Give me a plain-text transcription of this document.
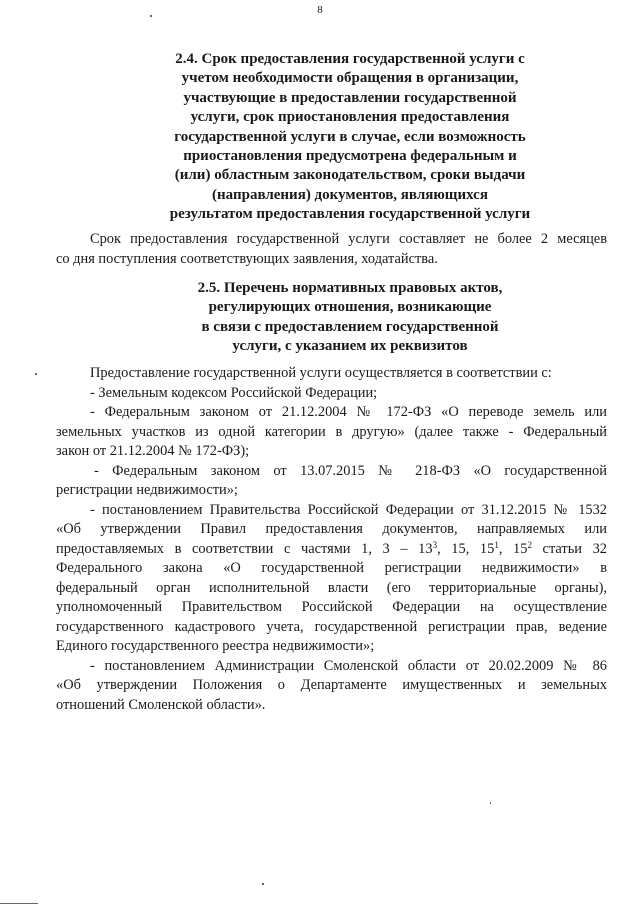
8
2.4. Срок предоставления государственной услуги с
учетом необходимости обращения в организации,
участвующие в предоставлении государственной
услуги, срок приостановления предоставления
государственной услуги в случае, если возможность
приостановления предусмотрена федеральным и
(или) областным законодательством, сроки выдачи
(направления) документов, являющихся
результатом предоставления государственной услуги
Срок предоставления государственной услуги составляет не более 2 месяцев
со дня поступления соответствующих заявления, ходатайства.
2.5. Перечень нормативных правовых актов,
регулирующих отношения, возникающие
в связи с предоставлением государственной
услуги, с указанием их реквизитов
Предоставление государственной услуги осуществляется в соответствии с:
- Земельным кодексом Российской Федерации;
- Федеральным законом от 21.12.2004 № 172-ФЗ «О переводе земель или
земельных участков из одной категории в другую» (далее также - Федеральный
закон от 21.12.2004 № 172-ФЗ);
- Федеральным законом от 13.07.2015 № 218-ФЗ «О государственной
регистрации недвижимости»;
- постановлением Правительства Российской Федерации от 31.12.2015 № 1532
«Об утверждении Правил предоставления документов, направляемых или
предоставляемых в соответствии с частями 1, $3 - 13^3$, 15, $15^1$, $15^2$ статьи 32
Федерального закона «О государственной регистрации недвижимости» в
федеральный орган исполнительной власти (его территориальные органы),
уполномоченный Правительством Российской Федерации на осуществление
государственного кадастрового учета, государственной регистрации прав, ведение
Единого государственного реестра недвижимости»;
- постановлением Администрации Смоленской области от 20.02.2009 № 86
«Об утверждении Положения о Департаменте имущественных и земельных
отношений Смоленской области».
